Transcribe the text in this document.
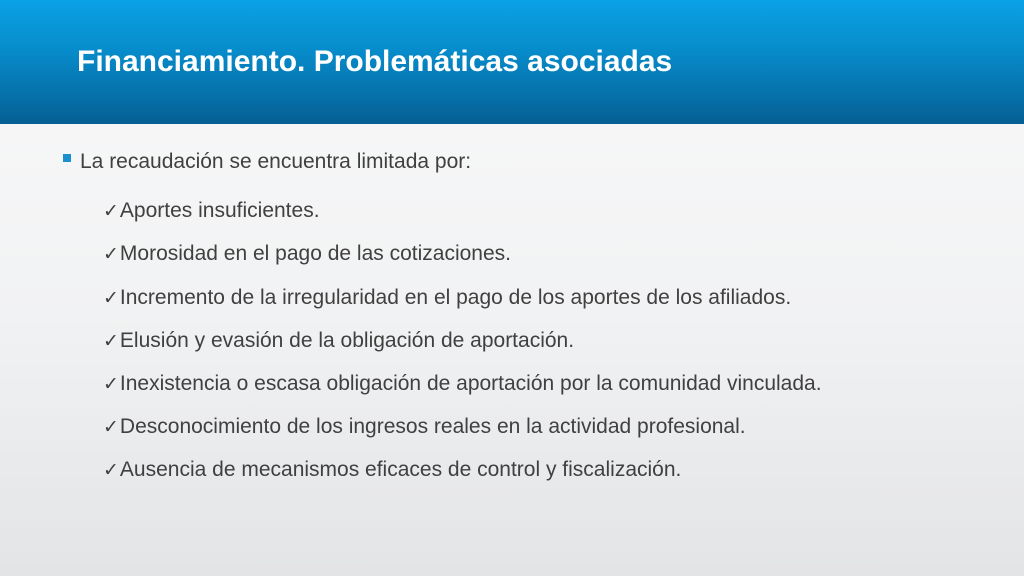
Financiamiento. Problemáticas asociadas
La recaudación se encuentra limitada por:
✓Aportes insuficientes.
✓Morosidad en el pago de las cotizaciones.
✓Incremento de la irregularidad en el pago de los aportes de los afiliados.
✓Elusión y evasión de la obligación de aportación.
✓Inexistencia o escasa obligación de aportación por la comunidad vinculada.
✓Desconocimiento de los ingresos reales en la actividad profesional.
✓Ausencia de mecanismos eficaces de control y fiscalización.
